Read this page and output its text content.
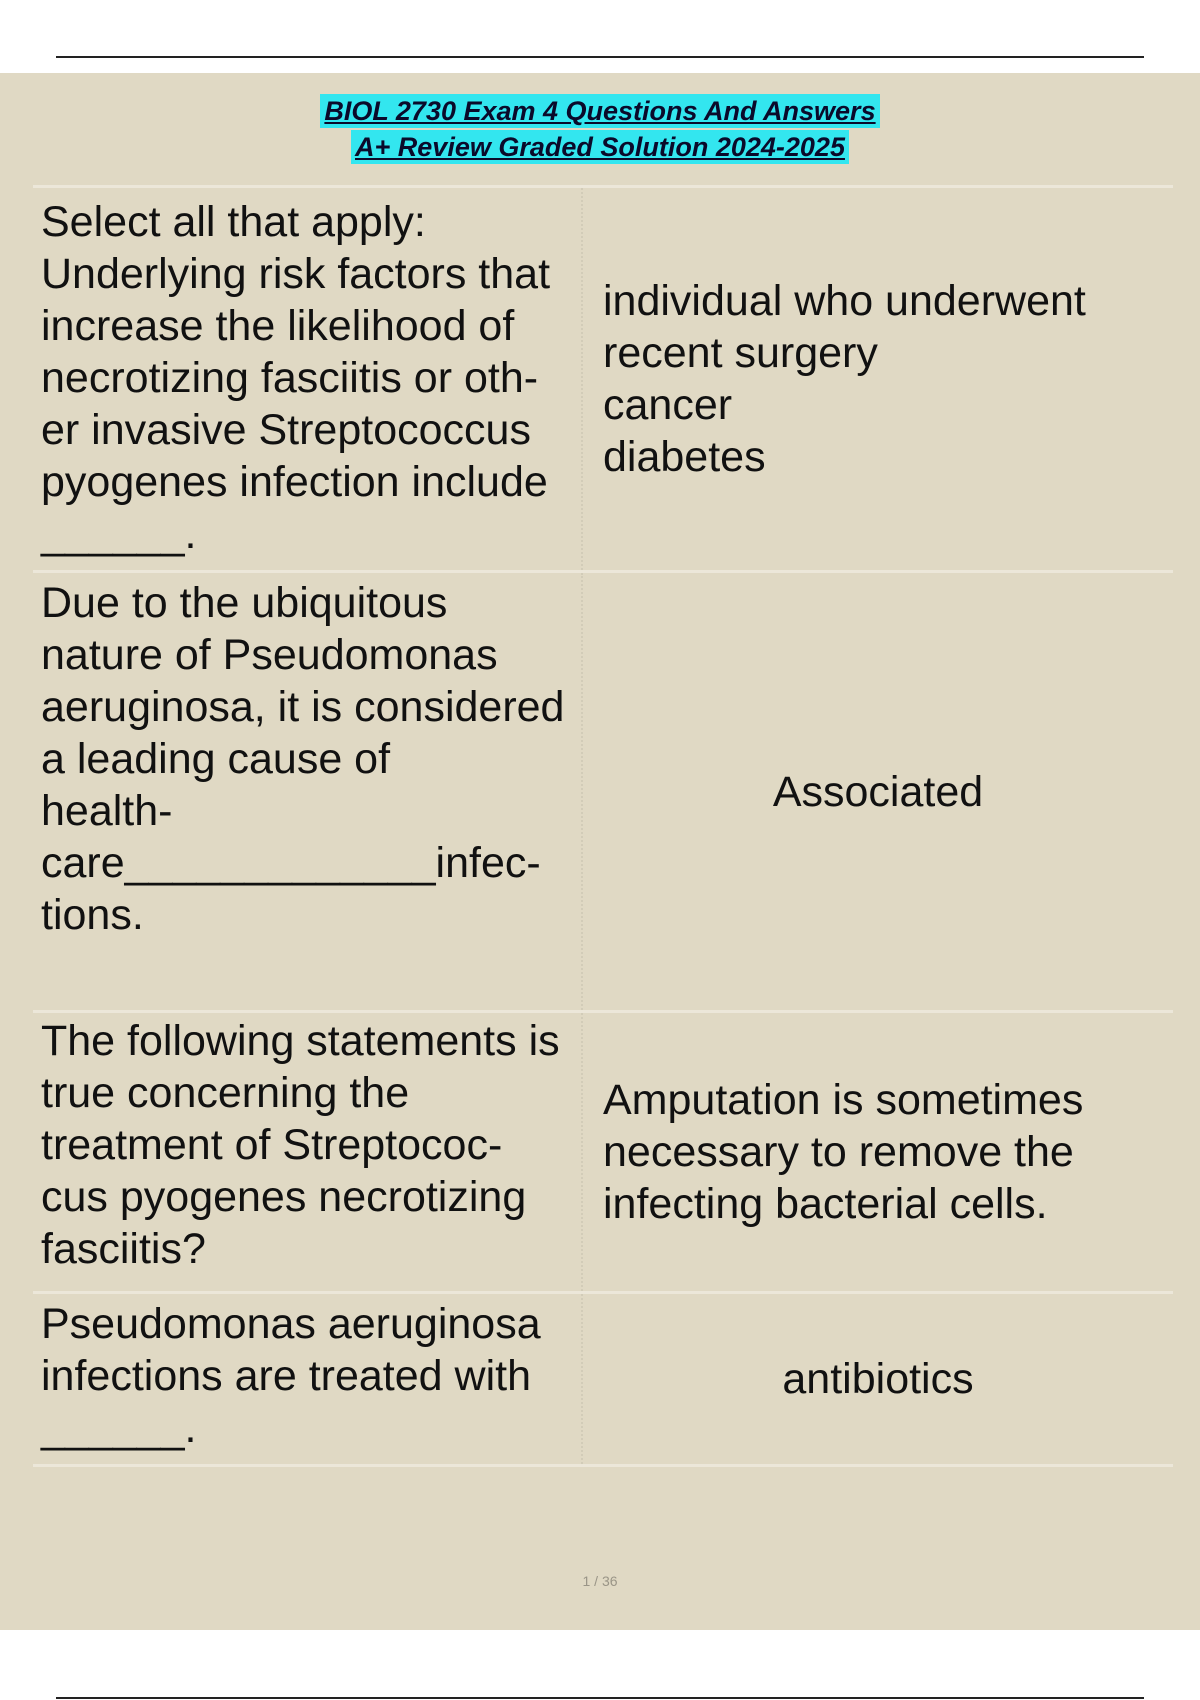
BIOL 2730 Exam 4 Questions And Answers
A+ Review Graded Solution 2024-2025
Select all that apply:
Underlying risk factors that increase the likelihood of necrotizing fasciitis or oth-
er invasive Streptococcus pyogenes infection include
______.
individual who underwent recent surgery
cancer
diabetes
Due to the ubiquitous nature of Pseudomonas aeruginosa, it is considered a leading cause of
health-
care_____________infec-
tions.
Associated
The following statements is true concerning the treatment of Streptococ-
cus pyogenes necrotizing fasciitis?
Amputation is sometimes necessary to remove the infecting bacterial cells.
Pseudomonas aeruginosa infections are treated with
______.
antibiotics
1 / 36
